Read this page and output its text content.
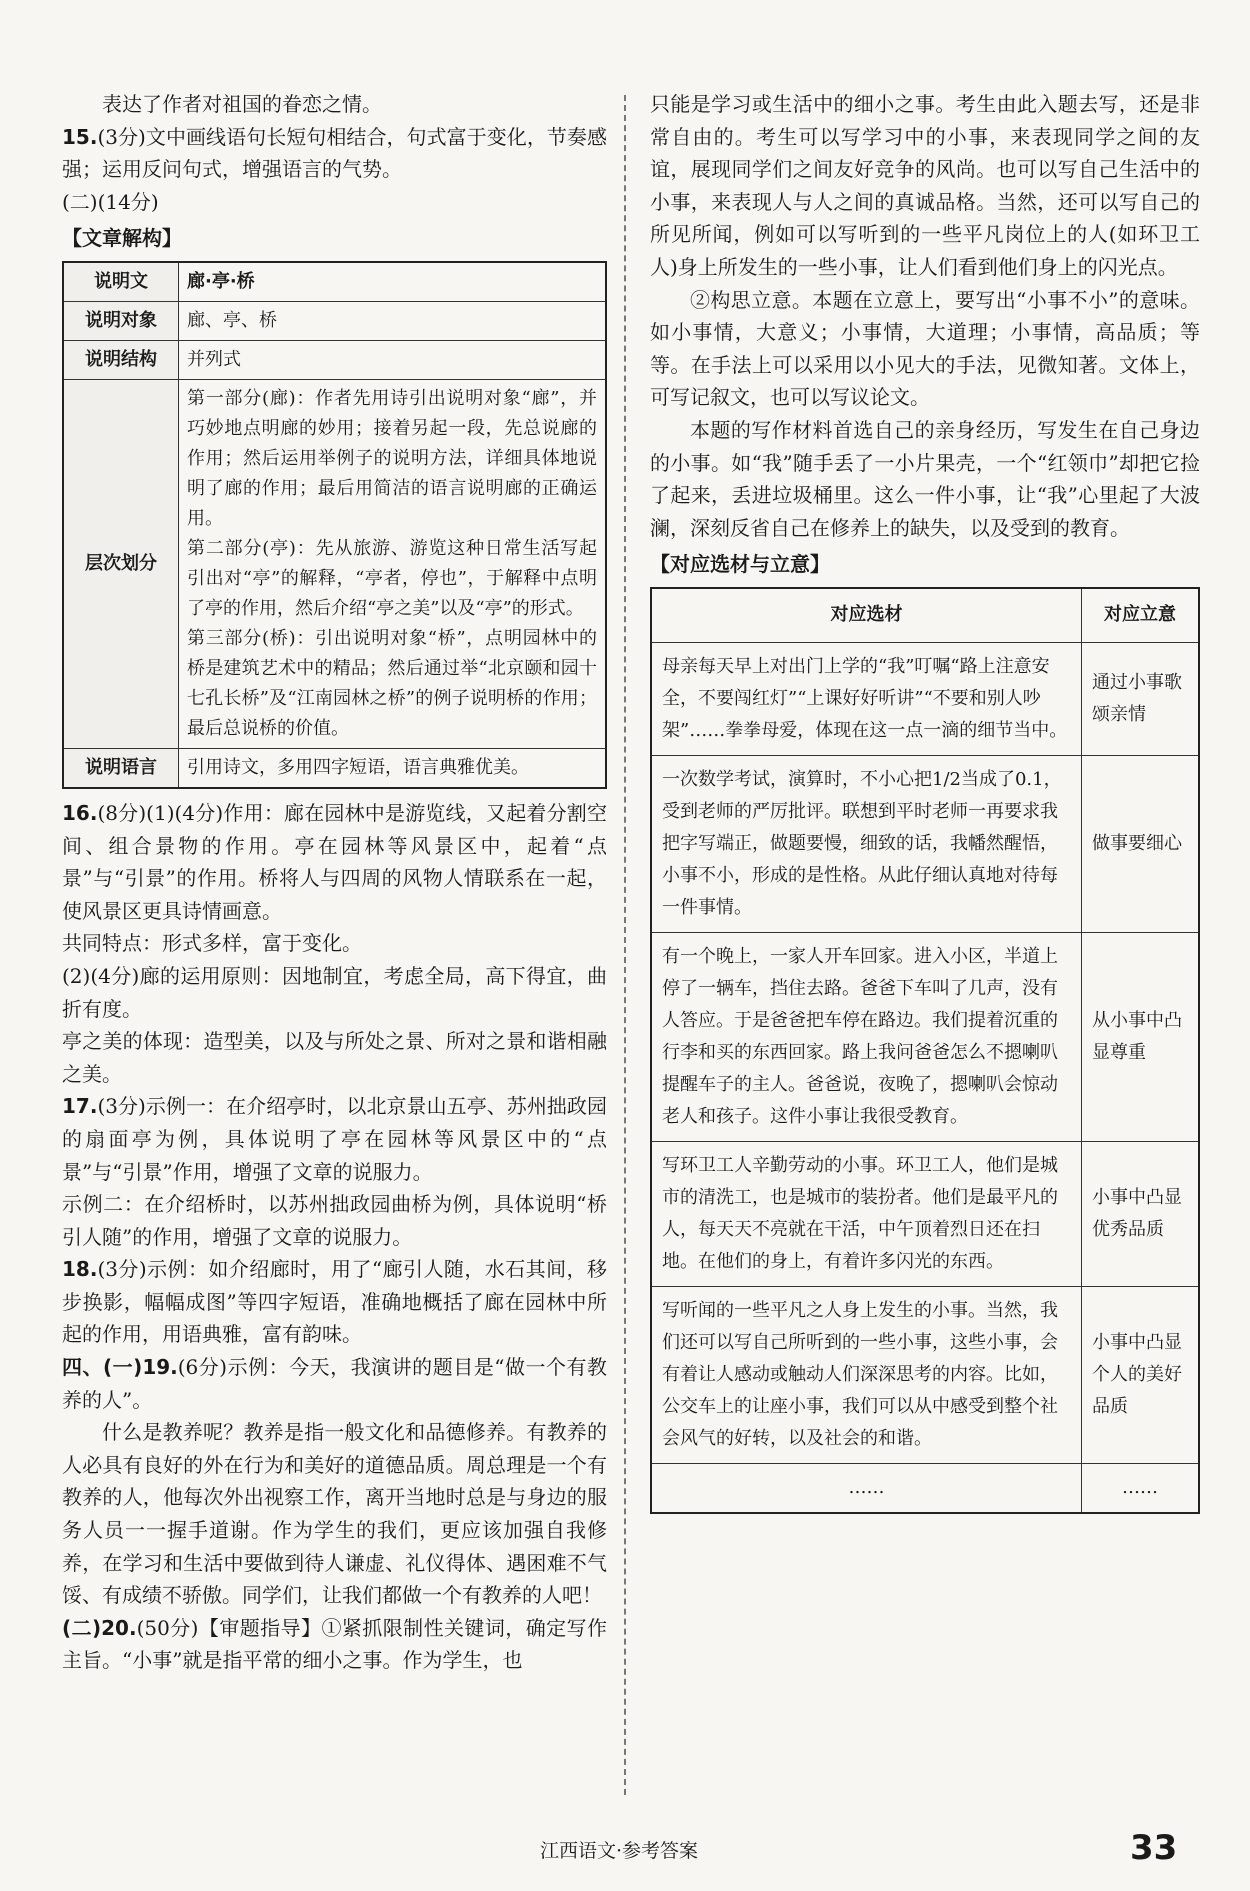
表达了作者对祖国的眷恋之情。

15.(3分)文中画线语句长短句相结合，句式富于变化，节奏感强；运用反问句式，增强语言的气势。

(二)(14分)

【文章解构】
说明文	廊·亭·桥
说明对象	廊、亭、桥
说明结构	并列式
层次划分	第一部分(廊)：作者先用诗引出说明对象“廊”，并巧妙地点明廊的妙用；接着另起一段，先总说廊的作用；然后运用举例子的说明方法，详细具体地说明了廊的作用；最后用简洁的语言说明廊的正确运用。

第二部分(亭)：先从旅游、游览这种日常生活写起引出对“亭”的解释，“亭者，停也”，于解释中点明了亭的作用，然后介绍“亭之美”以及“亭”的形式。

第三部分(桥)：引出说明对象“桥”，点明园林中的桥是建筑艺术中的精品；然后通过举“北京颐和园十七孔长桥”及“江南园林之桥”的例子说明桥的作用；最后总说桥的价值。

说明语言	引用诗文，多用四字短语，语言典雅优美。

16.(8分)(1)(4分)作用：廊在园林中是游览线，又起着分割空间、组合景物的作用。亭在园林等风景区中，起着“点景”与“引景”的作用。桥将人与四周的风物人情联系在一起，使风景区更具诗情画意。

共同特点：形式多样，富于变化。

(2)(4分)廊的运用原则：因地制宜，考虑全局，高下得宜，曲折有度。

亭之美的体现：造型美，以及与所处之景、所对之景和谐相融之美。

17.(3分)示例一：在介绍亭时，以北京景山五亭、苏州拙政园的扇面亭为例，具体说明了亭在园林等风景区中的“点景”与“引景”作用，增强了文章的说服力。

示例二：在介绍桥时，以苏州拙政园曲桥为例，具体说明“桥引人随”的作用，增强了文章的说服力。

18.(3分)示例：如介绍廊时，用了“廊引人随，水石其间，移步换影，幅幅成图”等四字短语，准确地概括了廊在园林中所起的作用，用语典雅，富有韵味。

四、(一)19.(6分)示例：今天，我演讲的题目是“做一个有教养的人”。

什么是教养呢？教养是指一般文化和品德修养。有教养的人必具有良好的外在行为和美好的道德品质。周总理是一个有教养的人，他每次外出视察工作，离开当地时总是与身边的服务人员一一握手道谢。作为学生的我们，更应该加强自我修养，在学习和生活中要做到待人谦虚、礼仪得体、遇困难不气馁、有成绩不骄傲。同学们，让我们都做一个有教养的人吧！

(二)20.(50分)【审题指导】①紧抓限制性关键词，确定写作主旨。“小事”就是指平常的细小之事。作为学生，也

只能是学习或生活中的细小之事。考生由此入题去写，还是非常自由的。考生可以写学习中的小事，来表现同学之间的友谊，展现同学们之间友好竞争的风尚。也可以写自己生活中的小事，来表现人与人之间的真诚品格。当然，还可以写自己的所见所闻，例如可以写听到的一些平凡岗位上的人(如环卫工人)身上所发生的一些小事，让人们看到他们身上的闪光点。

②构思立意。本题在立意上，要写出“小事不小”的意味。如小事情，大意义；小事情，大道理；小事情，高品质；等等。在手法上可以采用以小见大的手法，见微知著。文体上，可写记叙文，也可以写议论文。

本题的写作材料首选自己的亲身经历，写发生在自己身边的小事。如“我”随手丢了一小片果壳，一个“红领巾”却把它捡了起来，丢进垃圾桶里。这么一件小事，让“我”心里起了大波澜，深刻反省自己在修养上的缺失，以及受到的教育。

【对应选材与立意】
对应选材	对应立意
母亲每天早上对出门上学的“我”叮嘱“路上注意安全，不要闯红灯”“上课好好听讲”“不要和别人吵架”……拳拳母爱，体现在这一点一滴的细节当中。	通过小事歌颂亲情
一次数学考试，演算时，不小心把1/2当成了0.1，受到老师的严厉批评。联想到平时老师一再要求我把字写端正，做题要慢，细致的话，我幡然醒悟，小事不小，形成的是性格。从此仔细认真地对待每一件事情。	做事要细心
有一个晚上，一家人开车回家。进入小区，半道上停了一辆车，挡住去路。爸爸下车叫了几声，没有人答应。于是爸爸把车停在路边。我们提着沉重的行李和买的东西回家。路上我问爸爸怎么不摁喇叭提醒车子的主人。爸爸说，夜晚了，摁喇叭会惊动老人和孩子。这件小事让我很受教育。	从小事中凸显尊重
写环卫工人辛勤劳动的小事。环卫工人，他们是城市的清洗工，也是城市的装扮者。他们是最平凡的人，每天天不亮就在干活，中午顶着烈日还在扫地。在他们的身上，有着许多闪光的东西。	小事中凸显优秀品质
写听闻的一些平凡之人身上发生的小事。当然，我们还可以写自己所听到的一些小事，这些小事，会有着让人感动或触动人们深深思考的内容。比如，公交车上的让座小事，我们可以从中感受到整个社会风气的好转，以及社会的和谐。	小事中凸显个人的美好品质
……	……
江西语文·参考答案	33
